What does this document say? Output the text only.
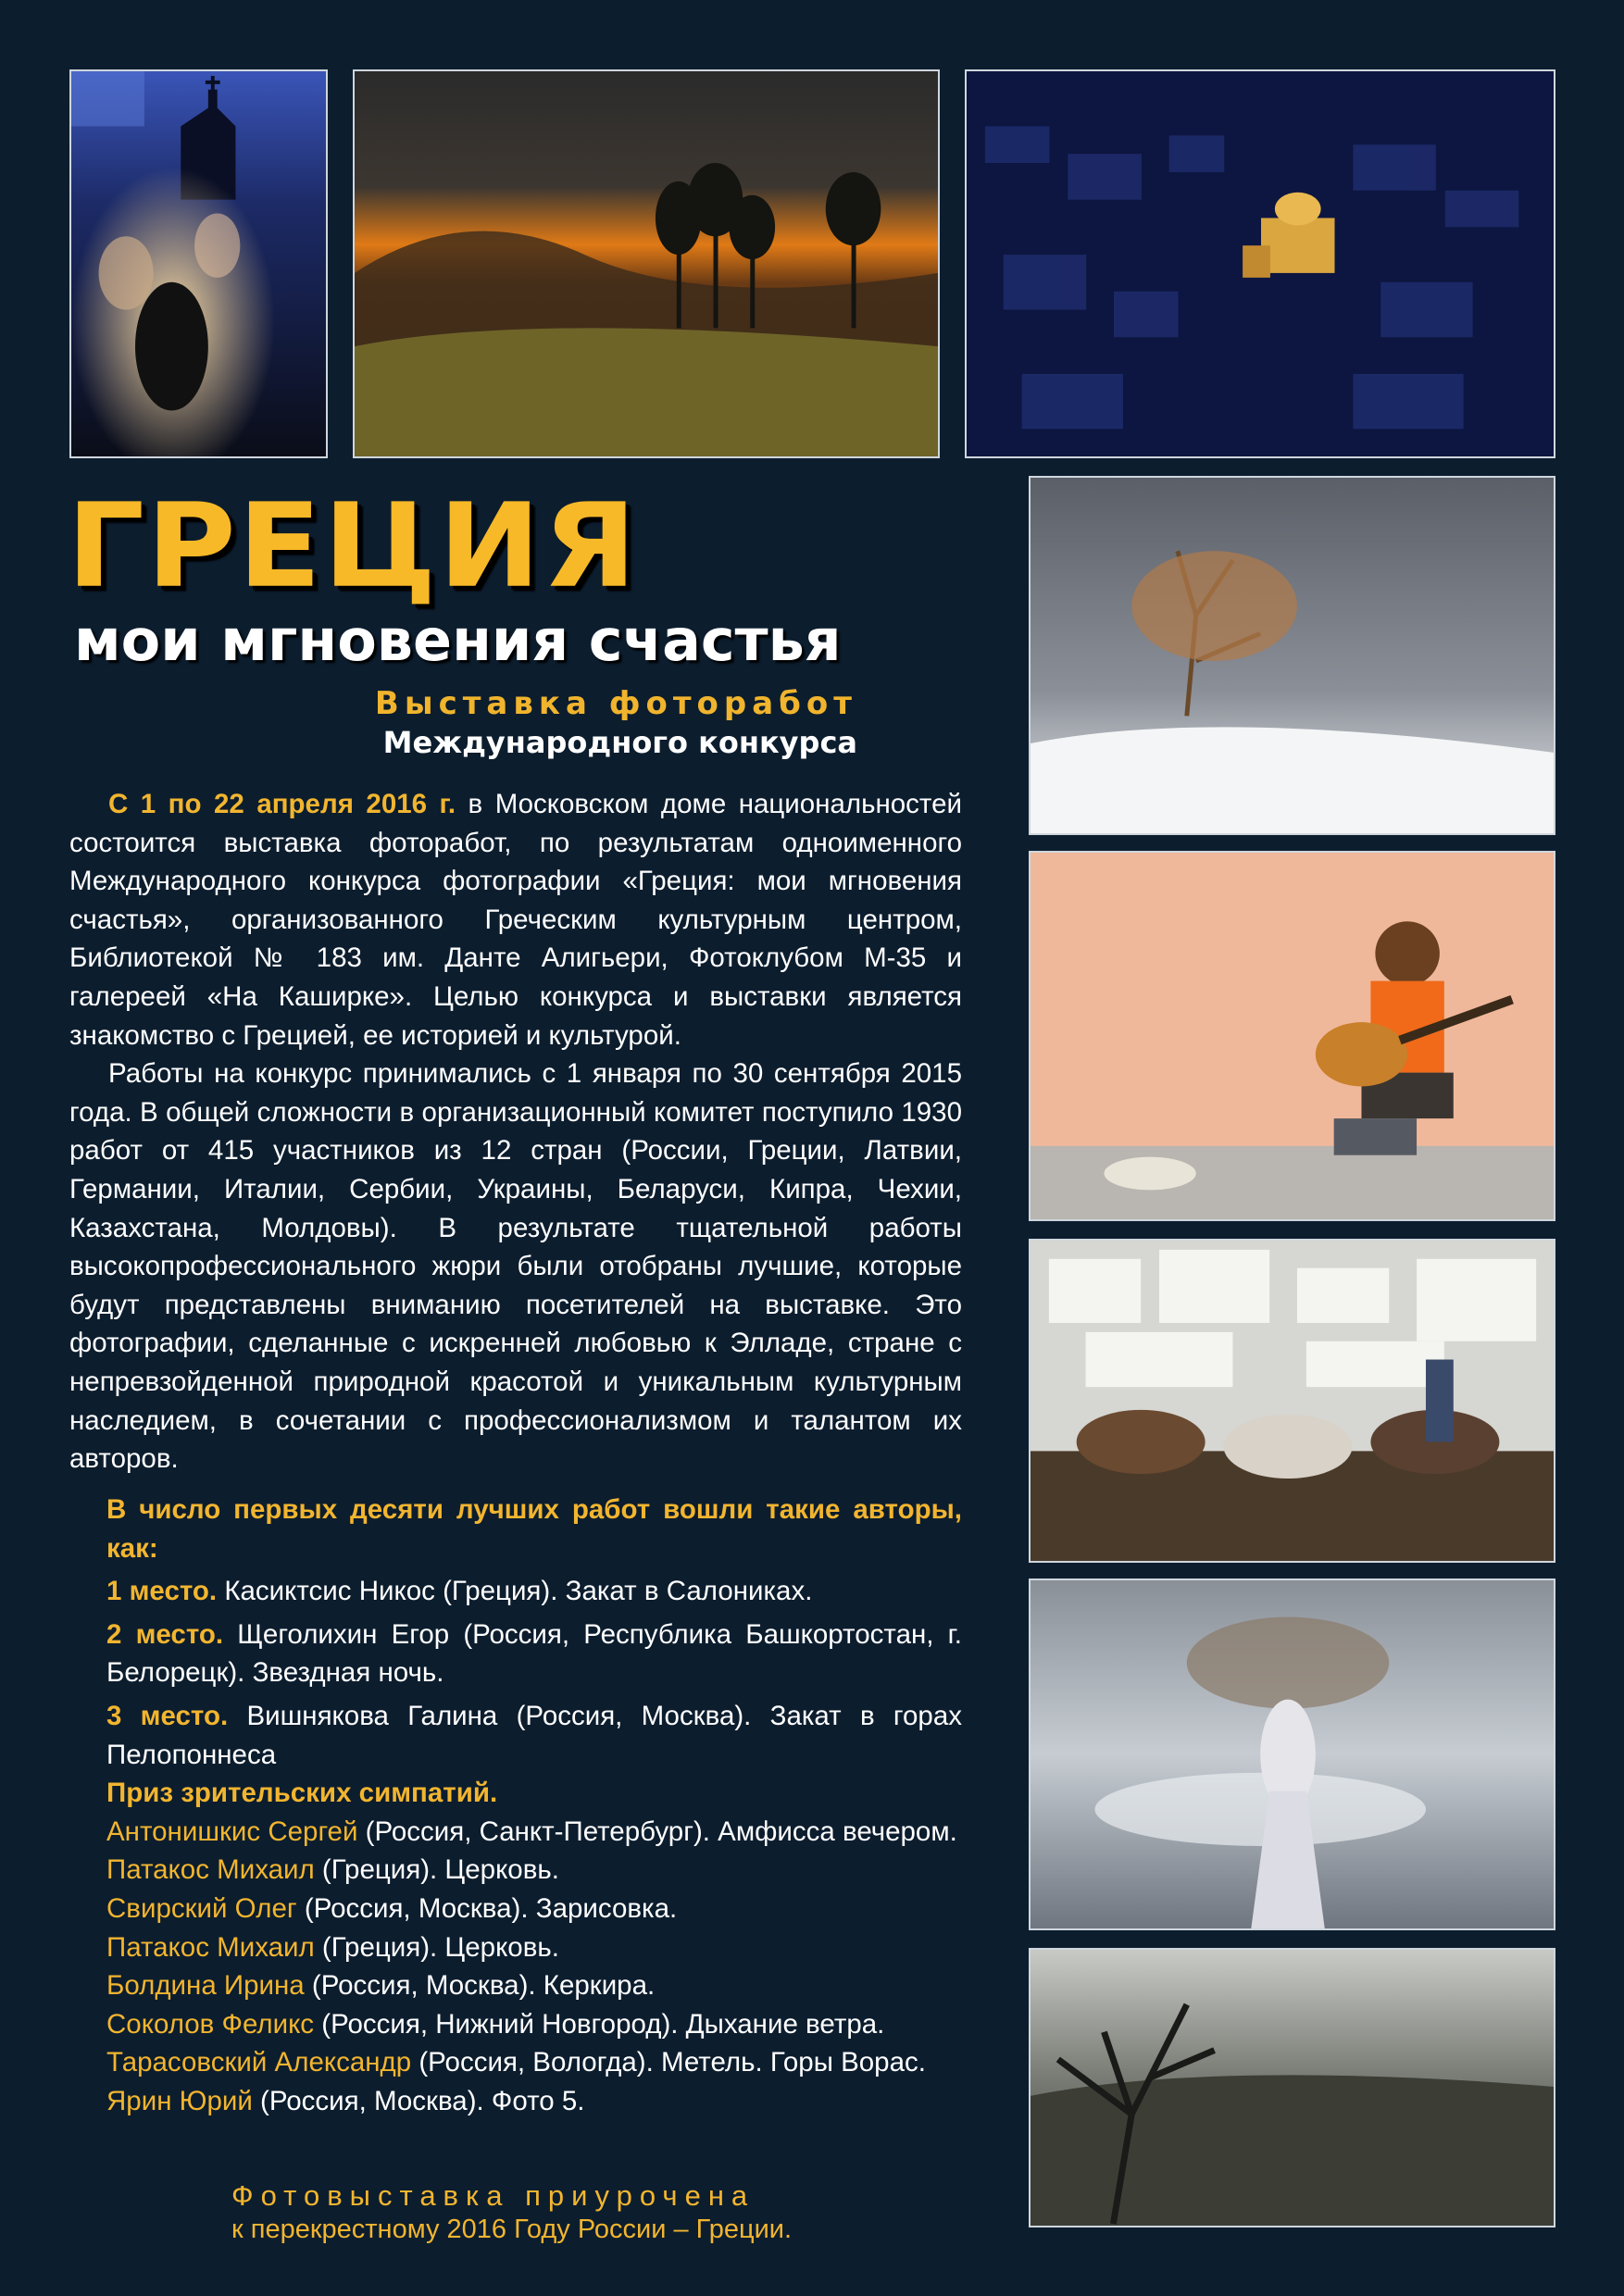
ГРЕЦИЯ
мои мгновения счастья
Выставка фоторабот
Международного конкурса

С 1 по 22 апреля 2016 г. в Московском доме национальностей состоится выставка фоторабот, по результатам одноименного Международного конкурса фотографии «Греция: мои мгновения счастья», организованного Греческим культурным центром, Библиотекой № 183 им. Данте Алигьери, Фотоклубом М-35 и галереей «На Каширке». Целью конкурса и выставки является знакомство с Грецией, ее историей и культурой.

Работы на конкурс принимались с 1 января по 30 сентября 2015 года. В общей сложности в организационный комитет поступило 1930 работ от 415 участников из 12 стран (России, Греции, Латвии, Германии, Италии, Сербии, Украины, Беларуси, Кипра, Чехии, Казахстана, Молдовы). В результате тщательной работы высокопрофессионального жюри были отобраны лучшие, которые будут представлены вниманию посетителей на выставке. Это фотографии, сделанные с искренней любовью к Элладе, стране с непревзойденной природной красотой и уникальным культурным наследием, в сочетании с профессионализмом и талантом их авторов.

В число первых десяти лучших работ вошли такие авторы, как:
1 место. Касиктсис Никос (Греция). Закат в Салониках.
2 место. Щеголихин Егор (Россия, Республика Башкортостан, г. Белорецк). Звездная ночь.
3 место. Вишнякова Галина (Россия, Москва). Закат в горах Пелопоннеса
Приз зрительских симпатий.
Антонишкис Сергей (Россия, Санкт-Петербург). Амфисса вечером.
Патакос Михаил (Греция). Церковь.
Свирский Олег (Россия, Москва). Зарисовка.
Патакос Михаил (Греция). Церковь.
Болдина Ирина (Россия, Москва). Керкира.
Соколов Феликс (Россия, Нижний Новгород). Дыхание ветра.
Тарасовский Александр (Россия, Вологда). Метель. Горы Ворас.
Ярин Юрий (Россия, Москва). Фото 5.
Фотовыставка приурочена
к перекрестному 2016 Году России – Греции.
